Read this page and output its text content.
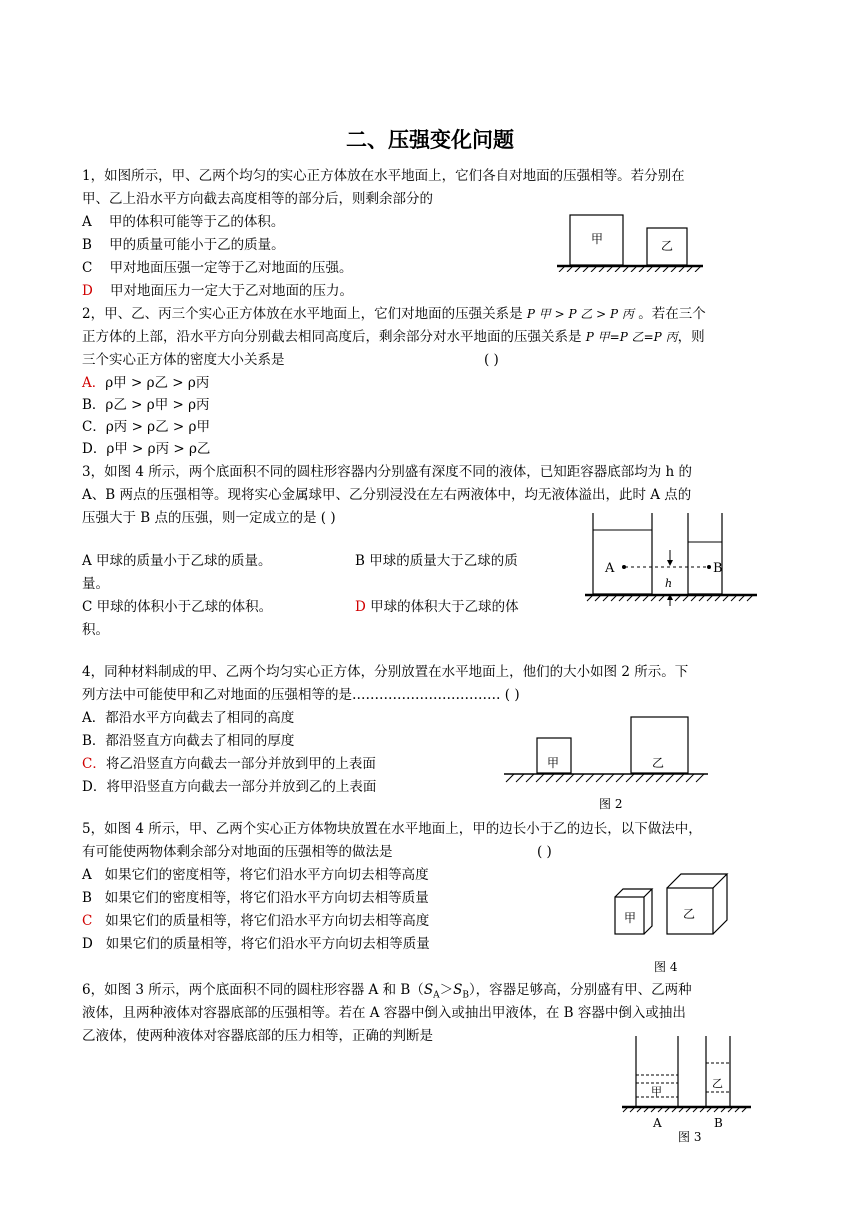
二、压强变化问题
1，如图所示，甲、乙两个均匀的实心正方体放在水平地面上，它们各自对地面的压强相等。若分别在
甲、乙上沿水平方向截去高度相等的部分后，则剩余部分的
A 甲的体积可能等于乙的体积。
B 甲的质量可能小于乙的质量。
C 甲对地面压强一定等于乙对地面的压强。
D 甲对地面压力一定大于乙对地面的压力。
甲	乙
2，甲、乙、丙三个实心正方体放在水平地面上，它们对地面的压强关系是 P 甲 > P 乙 > P 丙 。若在三个
正方体的上部，沿水平方向分别截去相同高度后，剩余部分对水平地面的压强关系是 P 甲=P 乙=P 丙，则
三个实心正方体的密度大小关系是	( )
A．ρ甲 > ρ乙 > ρ丙
B．ρ乙 > ρ甲 > ρ丙
C．ρ丙 > ρ乙 > ρ甲
D．ρ甲 > ρ丙 > ρ乙
3，如图 4 所示，两个底面积不同的圆柱形容器内分别盛有深度不同的液体，已知距容器底部均为 h 的
A、B 两点的压强相等。现将实心金属球甲、乙分别浸没在左右两液体中，均无液体溢出，此时 A 点的
压强大于 B 点的压强，则一定成立的是 ( )
A 甲球的质量小于乙球的质量。	B 甲球的质量大于乙球的质
量。
C 甲球的体积小于乙球的体积。	D 甲球的体积大于乙球的体
积。
A	B
h
4，同种材料制成的甲、乙两个均匀实心正方体，分别放置在水平地面上，他们的大小如图 2 所示。下
列方法中可能使甲和乙对地面的压强相等的是…………………………… ( )
A．都沿水平方向截去了相同的高度
B．都沿竖直方向截去了相同的厚度
C．将乙沿竖直方向截去一部分并放到甲的上表面
D．将甲沿竖直方向截去一部分并放到乙的上表面
甲	乙
图 2
5，如图 4 所示，甲、乙两个实心正方体物块放置在水平地面上，甲的边长小于乙的边长，以下做法中，
有可能使两物体剩余部分对地面的压强相等的做法是	( )
A 如果它们的密度相等，将它们沿水平方向切去相等高度
B 如果它们的密度相等，将它们沿水平方向切去相等质量
C 如果它们的质量相等，将它们沿水平方向切去相等高度
D 如果它们的质量相等，将它们沿水平方向切去相等质量
甲	乙
图 4
6，如图 3 所示，两个底面积不同的圆柱形容器 A 和 $B(S_A>S_B)$，容器足够高，分别盛有甲、乙两种
液体，且两种液体对容器底部的压强相等。若在 A 容器中倒入或抽出甲液体，在 B 容器中倒入或抽出
乙液体，使两种液体对容器底部的压力相等，正确的判断是
甲
乙
A	B
图 3
